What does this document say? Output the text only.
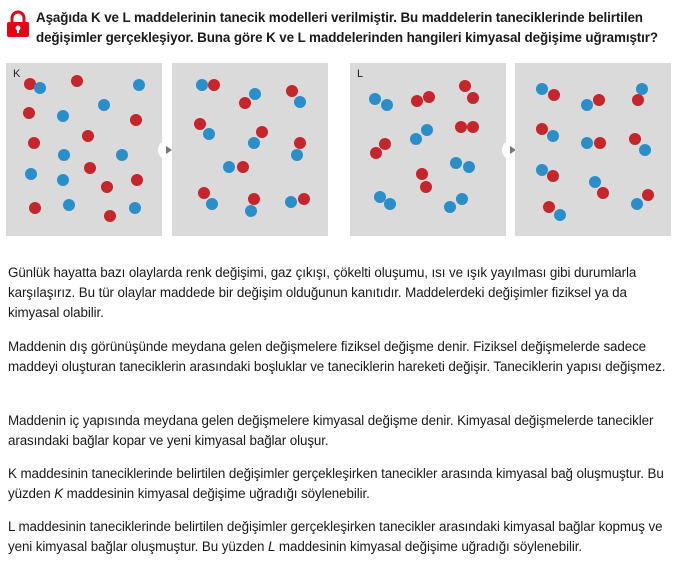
Aşağıda K ve L maddelerinin tanecik modelleri verilmiştir. Bu maddelerin taneciklerinde belirtilen değişimler gerçekleşiyor. Buna göre K ve L maddelerinden hangileri kimyasal değişime uğramıştır?
K	L

Günlük hayatta bazı olaylarda renk değişimi, gaz çıkışı, çökelti oluşumu, ısı ve ışık yayılması gibi durumlarla karşılaşırız. Bu tür olaylar maddede bir değişim olduğunun kanıtıdır. Maddelerdeki değişimler fiziksel ya da kimyasal olabilir.

Maddenin dış görünüşünde meydana gelen değişmelere fiziksel değişme denir. Fiziksel değişmelerde sadece maddeyi oluşturan taneciklerin arasındaki boşluklar ve taneciklerin hareketi değişir. Taneciklerin yapısı değişmez.

Maddenin iç yapısında meydana gelen değişmelere kimyasal değişme denir. Kimyasal değişmelerde tanecikler arasındaki bağlar kopar ve yeni kimyasal bağlar oluşur.

K maddesinin taneciklerinde belirtilen değişimler gerçekleşirken tanecikler arasında kimyasal bağ oluşmuştur. Bu yüzden K maddesinin kimyasal değişime uğradığı söylenebilir.

L maddesinin taneciklerinde belirtilen değişimler gerçekleşirken tanecikler arasındaki kimyasal bağlar kopmuş ve yeni kimyasal bağlar oluşmuştur. Bu yüzden L maddesinin kimyasal değişime uğradığı söylenebilir.
